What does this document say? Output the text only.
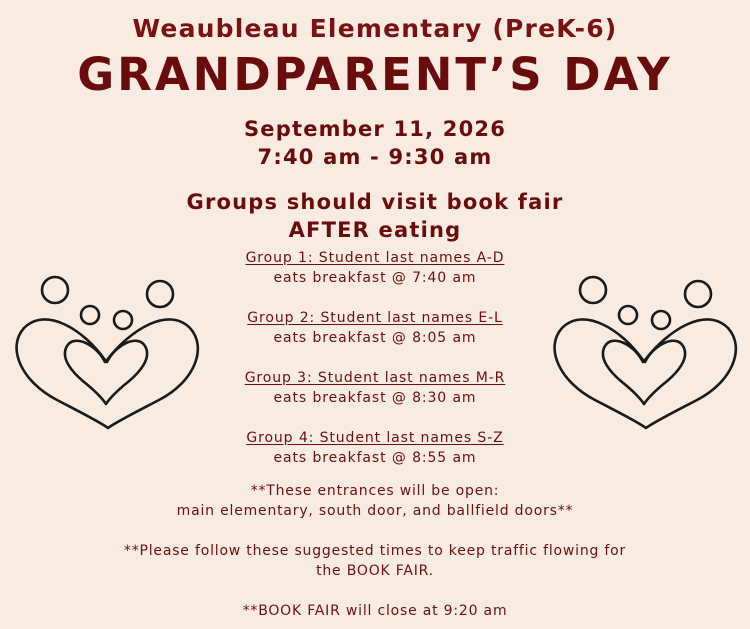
Weaubleau Elementary (PreK-6)
GRANDPARENT’S DAY
September 11, 2026
7:40 am - 9:30 am
Groups should visit book fair
AFTER eating
Group 1: Student last names A-D
eats breakfast @ 7:40 am
Group 2: Student last names E-L
eats breakfast @ 8:05 am
Group 3: Student last names M-R
eats breakfast @ 8:30 am
Group 4: Student last names S-Z
eats breakfast @ 8:55 am

**These entrances will be open:

main elementary, south door, and ballfield doors**

**Please follow these suggested times to keep traffic flowing for

the BOOK FAIR.

**BOOK FAIR will close at 9:20 am
